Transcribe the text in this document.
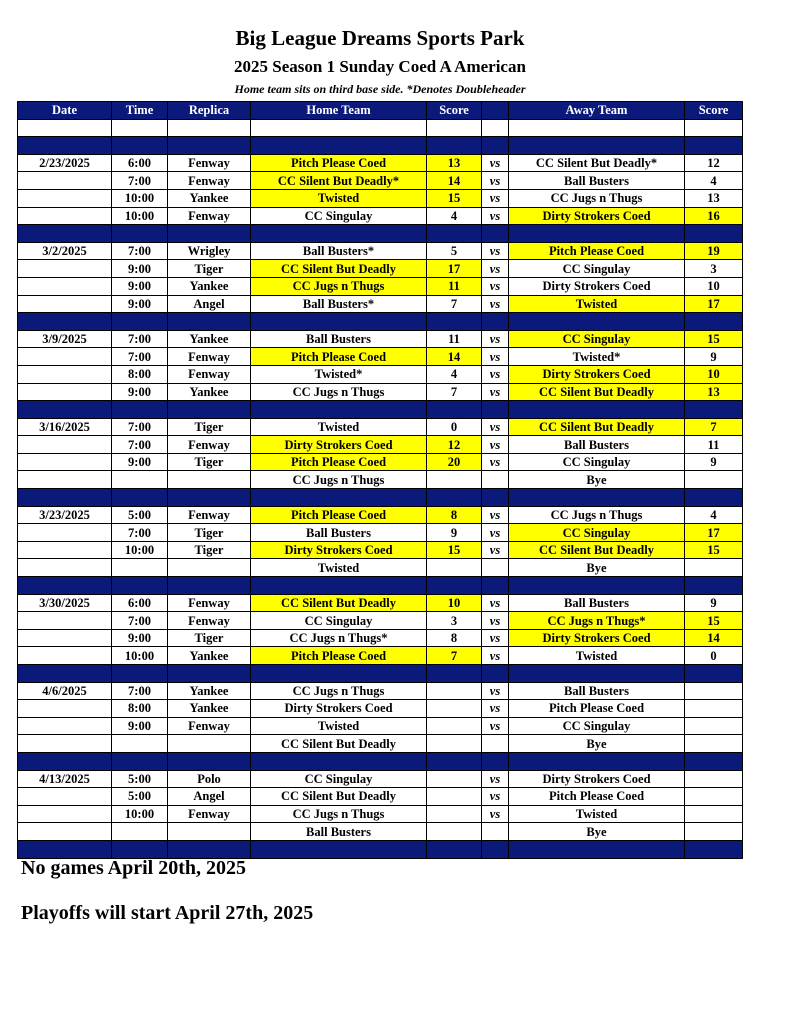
Big League Dreams Sports Park
2025 Season 1 Sunday Coed A American
Home team sits on third base side. *Denotes Doubleheader
Date	Time	Replica	Home Team	Score		Away Team	Score

2/23/2025	6:00	Fenway	Pitch Please Coed	13	vs	CC Silent But Deadly*	12
	7:00	Fenway	CC Silent But Deadly*	14	vs	Ball Busters	4
	10:00	Yankee	Twisted	15	vs	CC Jugs n Thugs	13
	10:00	Fenway	CC Singulay	4	vs	Dirty Strokers Coed	16

3/2/2025	7:00	Wrigley	Ball Busters*	5	vs	Pitch Please Coed	19
	9:00	Tiger	CC Silent But Deadly	17	vs	CC Singulay	3
	9:00	Yankee	CC Jugs n Thugs	11	vs	Dirty Strokers Coed	10
	9:00	Angel	Ball Busters*	7	vs	Twisted	17

3/9/2025	7:00	Yankee	Ball Busters	11	vs	CC Singulay	15
	7:00	Fenway	Pitch Please Coed	14	vs	Twisted*	9
	8:00	Fenway	Twisted*	4	vs	Dirty Strokers Coed	10
	9:00	Yankee	CC Jugs n Thugs	7	vs	CC Silent But Deadly	13

3/16/2025	7:00	Tiger	Twisted	0	vs	CC Silent But Deadly	7
	7:00	Fenway	Dirty Strokers Coed	12	vs	Ball Busters	11
	9:00	Tiger	Pitch Please Coed	20	vs	CC Singulay	9
			CC Jugs n Thugs			Bye	

3/23/2025	5:00	Fenway	Pitch Please Coed	8	vs	CC Jugs n Thugs	4
	7:00	Tiger	Ball Busters	9	vs	CC Singulay	17
	10:00	Tiger	Dirty Strokers Coed	15	vs	CC Silent But Deadly	15
			Twisted			Bye	

3/30/2025	6:00	Fenway	CC Silent But Deadly	10	vs	Ball Busters	9
	7:00	Fenway	CC Singulay	3	vs	CC Jugs n Thugs*	15
	9:00	Tiger	CC Jugs n Thugs*	8	vs	Dirty Strokers Coed	14
	10:00	Yankee	Pitch Please Coed	7	vs	Twisted	0

4/6/2025	7:00	Yankee	CC Jugs n Thugs		vs	Ball Busters	
	8:00	Yankee	Dirty Strokers Coed		vs	Pitch Please Coed	
	9:00	Fenway	Twisted		vs	CC Singulay	
			CC Silent But Deadly			Bye	

4/13/2025	5:00	Polo	CC Singulay		vs	Dirty Strokers Coed	
	5:00	Angel	CC Silent But Deadly		vs	Pitch Please Coed	
	10:00	Fenway	CC Jugs n Thugs		vs	Twisted	
			Ball Busters			Bye	

No games April 20th, 2025
Playoffs will start April 27th, 2025
